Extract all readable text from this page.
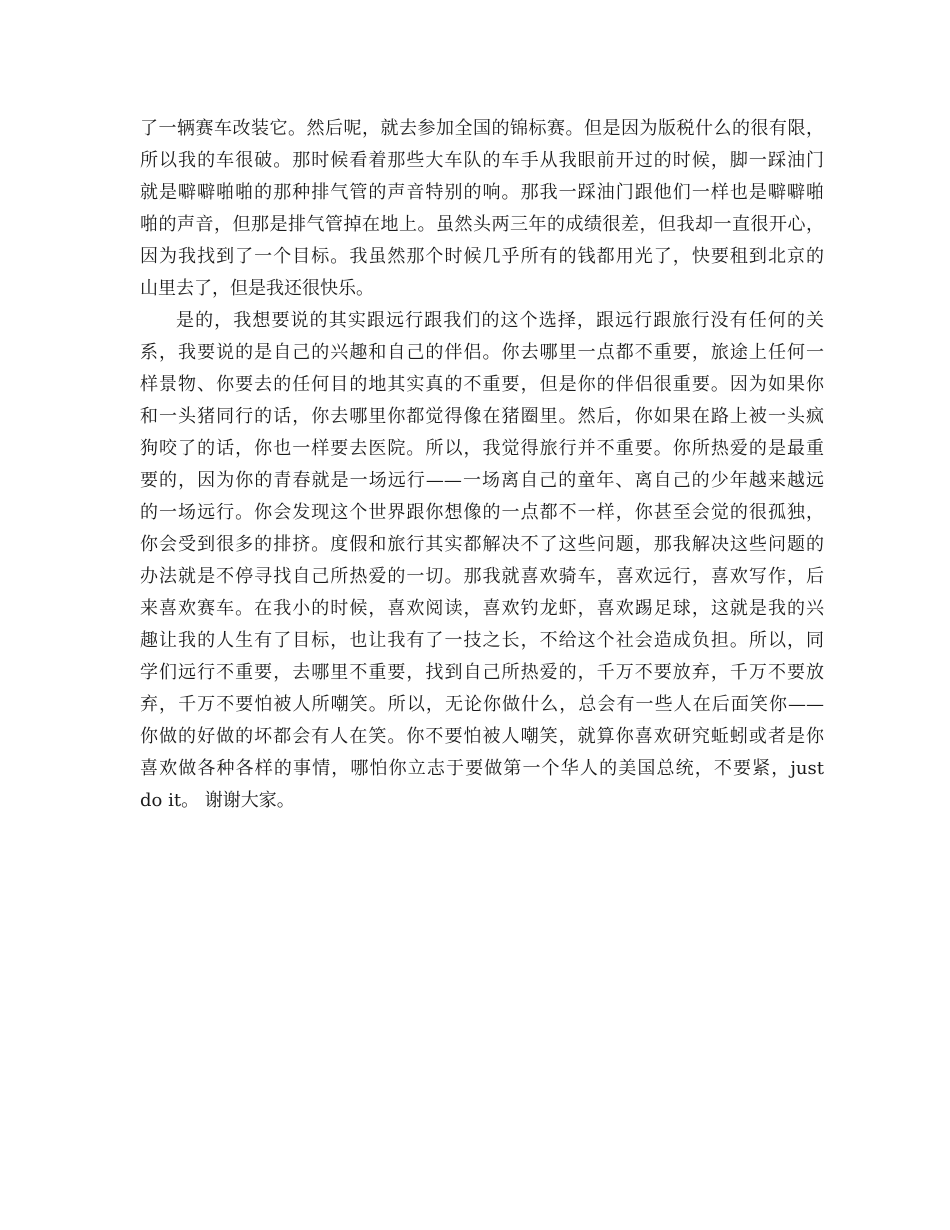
了一辆赛车改装它。然后呢，就去参加全国的锦标赛。但是因为版税什么的很有限，
所以我的车很破。那时候看着那些大车队的车手从我眼前开过的时候，脚一踩油门
就是噼噼啪啪的那种排气管的声音特别的响。那我一踩油门跟他们一样也是噼噼啪
啪的声音，但那是排气管掉在地上。虽然头两三年的成绩很差，但我却一直很开心，
因为我找到了一个目标。我虽然那个时候几乎所有的钱都用光了，快要租到北京的
山里去了，但是我还很快乐。
是的，我想要说的其实跟远行跟我们的这个选择，跟远行跟旅行没有任何的关
系，我要说的是自己的兴趣和自己的伴侣。你去哪里一点都不重要，旅途上任何一
样景物、你要去的任何目的地其实真的不重要，但是你的伴侣很重要。因为如果你
和一头猪同行的话，你去哪里你都觉得像在猪圈里。然后，你如果在路上被一头疯
狗咬了的话，你也一样要去医院。所以，我觉得旅行并不重要。你所热爱的是最重
要的，因为你的青春就是一场远行——一场离自己的童年、离自己的少年越来越远
的一场远行。你会发现这个世界跟你想像的一点都不一样，你甚至会觉的很孤独，
你会受到很多的排挤。度假和旅行其实都解决不了这些问题，那我解决这些问题的
办法就是不停寻找自己所热爱的一切。那我就喜欢骑车，喜欢远行，喜欢写作，后
来喜欢赛车。在我小的时候，喜欢阅读，喜欢钓龙虾，喜欢踢足球，这就是我的兴
趣让我的人生有了目标，也让我有了一技之长，不给这个社会造成负担。所以，同
学们远行不重要，去哪里不重要，找到自己所热爱的，千万不要放弃，千万不要放
弃，千万不要怕被人所嘲笑。所以，无论你做什么，总会有一些人在后面笑你——
你做的好做的坏都会有人在笑。你不要怕被人嘲笑，就算你喜欢研究蚯蚓或者是你
喜欢做各种各样的事情，哪怕你立志于要做第一个华人的美国总统，不要紧，just
do it。 谢谢大家。
